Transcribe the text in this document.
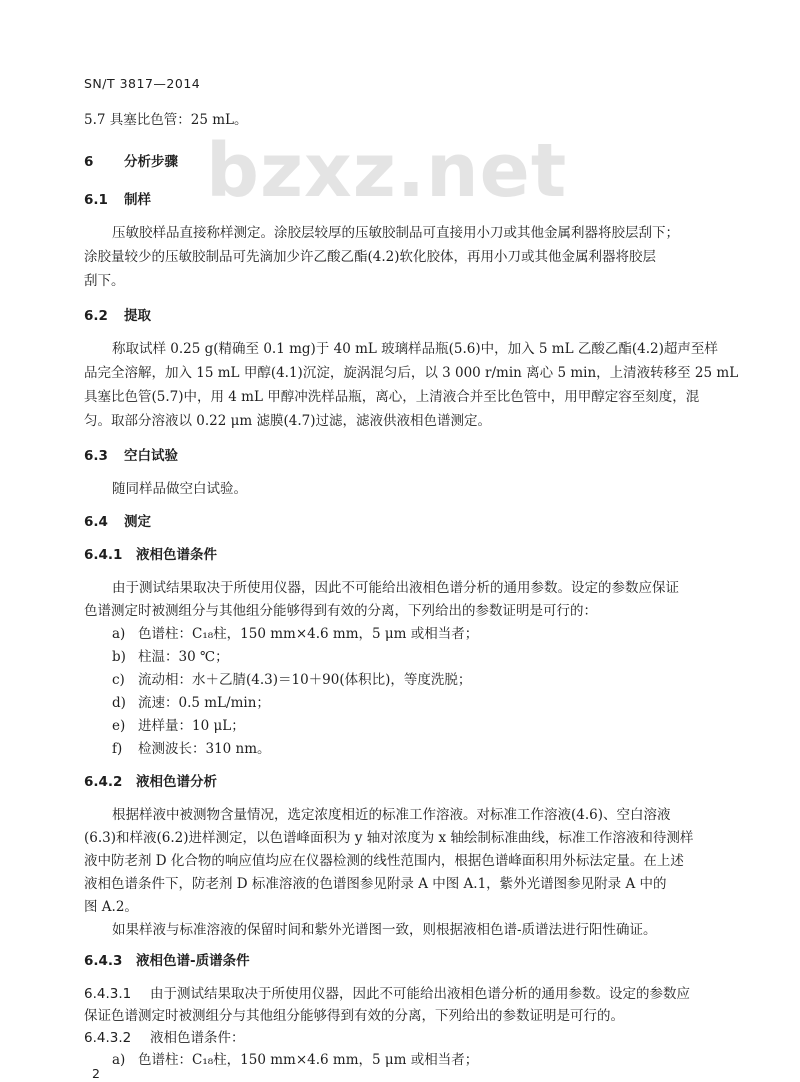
SN/T 3817—2014
bzxz.net
5.7 具塞比色管：25 mL。
6 分析步骤
6.1 制样
压敏胶样品直接称样测定。涂胶层较厚的压敏胶制品可直接用小刀或其他金属利器将胶层刮下；
涂胶量较少的压敏胶制品可先滴加少许乙酸乙酯(4.2)软化胶体，再用小刀或其他金属利器将胶层
刮下。
6.2 提取
称取试样 0.25 g(精确至 0.1 mg)于 40 mL 玻璃样品瓶(5.6)中，加入 5 mL 乙酸乙酯(4.2)超声至样
品完全溶解，加入 15 mL 甲醇(4.1)沉淀，旋涡混匀后，以 3 000 r/min 离心 5 min，上清液转移至 25 mL
具塞比色管(5.7)中，用 4 mL 甲醇冲洗样品瓶，离心，上清液合并至比色管中，用甲醇定容至刻度，混
匀。取部分溶液以 0.22 μm 滤膜(4.7)过滤，滤液供液相色谱测定。
6.3 空白试验
随同样品做空白试验。
6.4 测定
6.4.1 液相色谱条件
由于测试结果取决于所使用仪器，因此不可能给出液相色谱分析的通用参数。设定的参数应保证
色谱测定时被测组分与其他组分能够得到有效的分离，下列给出的参数证明是可行的：
a) 色谱柱：C₁₈柱，150 mm×4.6 mm，5 μm 或相当者；
b) 柱温：30 ℃；
c) 流动相：水＋乙腈(4.3)＝10＋90(体积比)，等度洗脱；
d) 流速：0.5 mL/min；
e) 进样量：10 μL；
f) 检测波长：310 nm。
6.4.2 液相色谱分析
根据样液中被测物含量情况，选定浓度相近的标准工作溶液。对标准工作溶液(4.6)、空白溶液
(6.3)和样液(6.2)进样测定，以色谱峰面积为 y 轴对浓度为 x 轴绘制标准曲线，标准工作溶液和待测样
液中防老剂 D 化合物的响应值均应在仪器检测的线性范围内，根据色谱峰面积用外标法定量。在上述
液相色谱条件下，防老剂 D 标准溶液的色谱图参见附录 A 中图 A.1，紫外光谱图参见附录 A 中的
图 A.2。
如果样液与标准溶液的保留时间和紫外光谱图一致，则根据液相色谱-质谱法进行阳性确证。
6.4.3 液相色谱-质谱条件
6.4.3.1 由于测试结果取决于所使用仪器，因此不可能给出液相色谱分析的通用参数。设定的参数应
保证色谱测定时被测组分与其他组分能够得到有效的分离，下列给出的参数证明是可行的。
6.4.3.2 液相色谱条件：
a) 色谱柱：C₁₈柱，150 mm×4.6 mm，5 μm 或相当者；
2
